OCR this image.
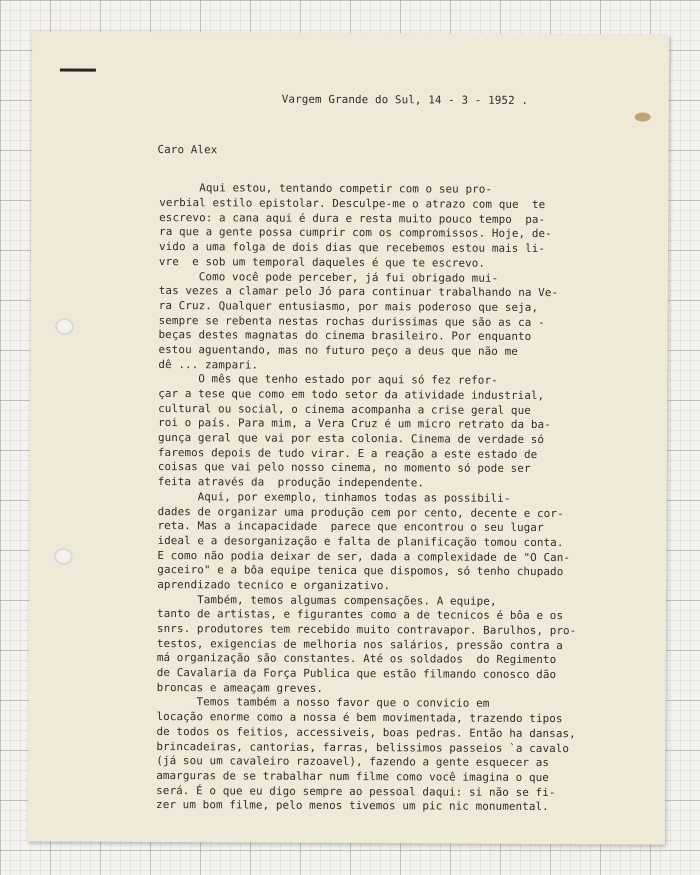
Vargem Grande do Sul, 14 - 3 - 1952 .
Caro Alex
Aqui estou, tentando competir com o seu pro-
verbial estilo epistolar. Desculpe-me o atrazo com que  te
escrevo: a cana aqui é dura e resta muito pouco tempo  pa-
ra que a gente possa cumprir com os compromissos. Hoje, de-
vido a uma folga de dois dias que recebemos estou mais li-
vre  e sob um temporal daqueles é que te escrevo.
Como você pode perceber, já fui obrigado mui-
tas vezes a clamar pelo Jó para continuar trabalhando na Ve-
ra Cruz. Qualquer entusiasmo, por mais poderoso que seja,
sempre se rebenta nestas rochas durissimas que são as ca -
beças destes magnatas do cinema brasileiro. Por enquanto
estou aguentando, mas no futuro peço a deus que não me
dê ... zampari.
O mês que tenho estado por aqui só fez refor-
çar a tese que como em todo setor da atividade industrial,
cultural ou social, o cinema acompanha a crise geral que
roi o país. Para mim, a Vera Cruz é um micro retrato da ba-
gunça geral que vai por esta colonia. Cinema de verdade só
faremos depois de tudo virar. E a reação a este estado de
coisas que vai pelo nosso cinema, no momento só pode ser
feita através da  produção independente.
Aqui, por exemplo, tinhamos todas as possibili-
dades de organizar uma produção cem por cento, decente e cor-
reta. Mas a incapacidade  parece que encontrou o seu lugar
ideal e a desorganização e falta de planificação tomou conta.
E como não podia deixar de ser, dada a complexidade de "O Can-
gaceiro" e a bôa equipe tenica que dispomos, só tenho chupado
aprendizado tecnico e organizativo.
Também, temos algumas compensações. A equipe,
tanto de artistas, e figurantes como a de tecnicos é bôa e os
snrs. produtores tem recebido muito contravapor. Barulhos, pro-
testos, exigencias de melhoria nos salários, pressão contra a
má organização são constantes. Até os soldados  do Regimento
de Cavalaria da Força Publica que estão filmando conosco dão
broncas e ameaçam greves.
Temos também a nosso favor que o convicio em
locação enorme como a nossa é bem movimentada, trazendo tipos
de todos os feitios, accessiveis, boas pedras. Então ha dansas,
brincadeiras, cantorias, farras, belissimos passeios `a cavalo
(já sou um cavaleiro razoavel), fazendo a gente esquecer as
amarguras de se trabalhar num filme como você imagina o que
será. É o que eu digo sempre ao pessoal daqui: si não se fi-
zer um bom filme, pelo menos tivemos um pic nic monumental.
